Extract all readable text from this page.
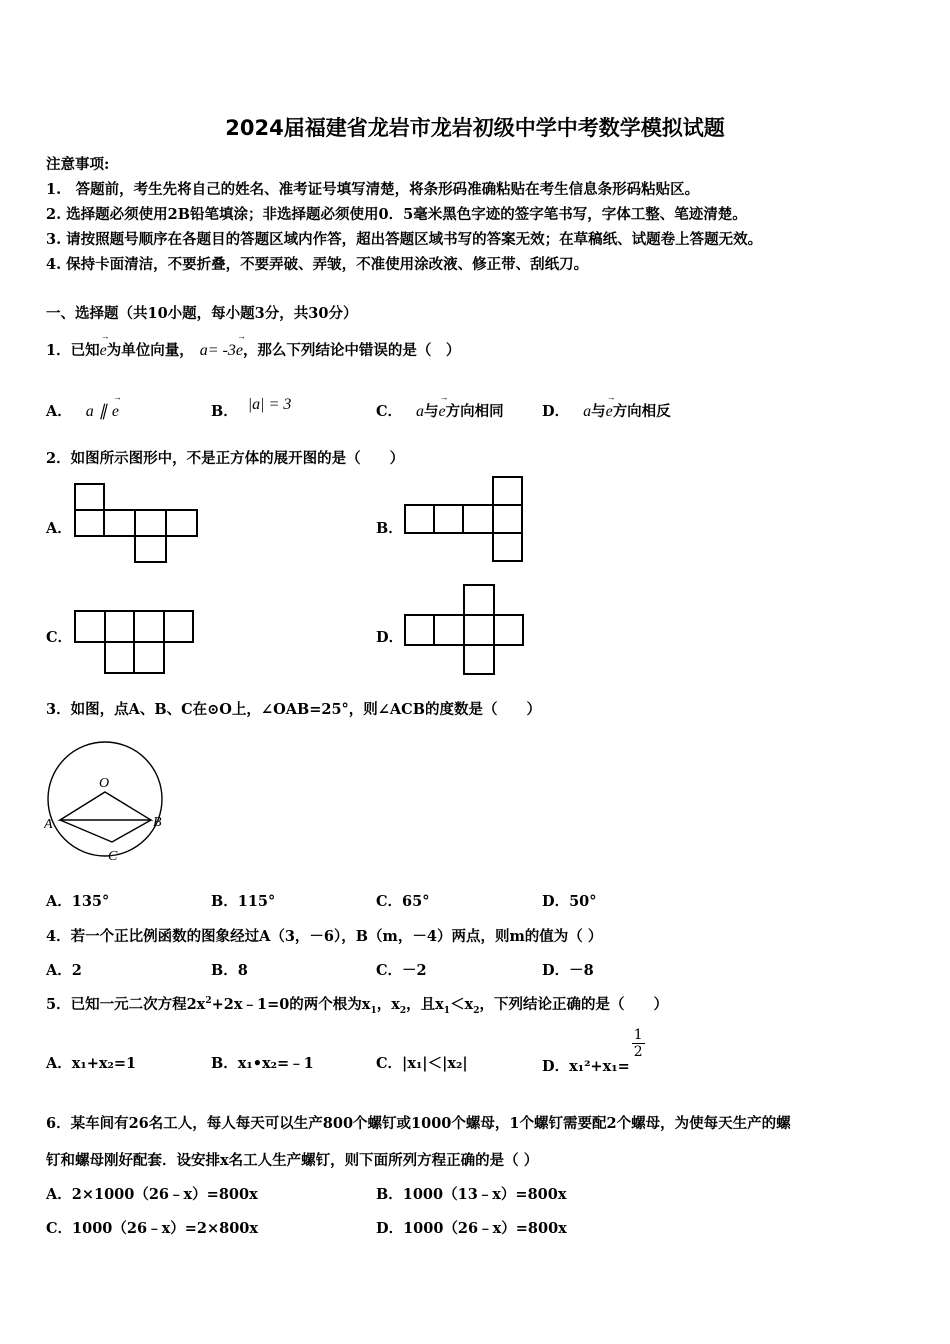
2024届福建省龙岩市龙岩初级中学中考数学模拟试题
注意事项:
1.　答题前，考生先将自己的姓名、准考证号填写清楚，将条形码准确粘贴在考生信息条形码粘贴区。
2. 选择题必须使用2B铅笔填涂；非选择题必须使用0．5毫米黑色字迹的签字笔书写，字体工整、笔迹清楚。
3. 请按照题号顺序在各题目的答题区域内作答，超出答题区域书写的答案无效；在草稿纸、试题卷上答题无效。
4. 保持卡面清洁，不要折叠，不要弄破、弄皱，不准使用涂改液、修正带、刮纸刀。
一、选择题（共10小题，每小题3分，共30分）
1．已知→ e为单位向量， a= -3→ e，那么下列结论中错误的是（　）
A． a ∥ → e	B． |a| = 3	C． a与→ e方向相同	D． a与→ e方向相反
2．如图所示图形中，不是正方体的展开图的是（　　）
A．	B．
C．	D．
3．如图，点A、B、C在⊙O上，∠OAB=25°，则∠ACB的度数是（　　）
O
A	B
C
A．135°	B．115°	C．65°	D．50°
4．若一个正比例函数的图象经过A（3，－6），B（m，－4）两点，则m的值为（ ）
A．2	B．8	C．－2	D．－8
5．已知一元二次方程$2x^2+2x﹣1=0$的两个根为$x_1$，$x_2$，且$x_1<x_2$，下列结论正确的是（　　）
A．x₁+x₂=1	B．x₁•x₂=﹣1	C．|x₁|＜|x₂|	D．x₁²+x₁=
$\frac{1}{2}$
6．某车间有26名工人，每人每天可以生产800个螺钉或1000个螺母，1个螺钉需要配2个螺母，为使每天生产的螺
钉和螺母刚好配套．设安排x名工人生产螺钉，则下面所列方程正确的是（ ）
A．2×1000（26﹣x）=800x	B．1000（13﹣x）=800x
C．1000（26﹣x）=2×800x	D．1000（26﹣x）=800x
